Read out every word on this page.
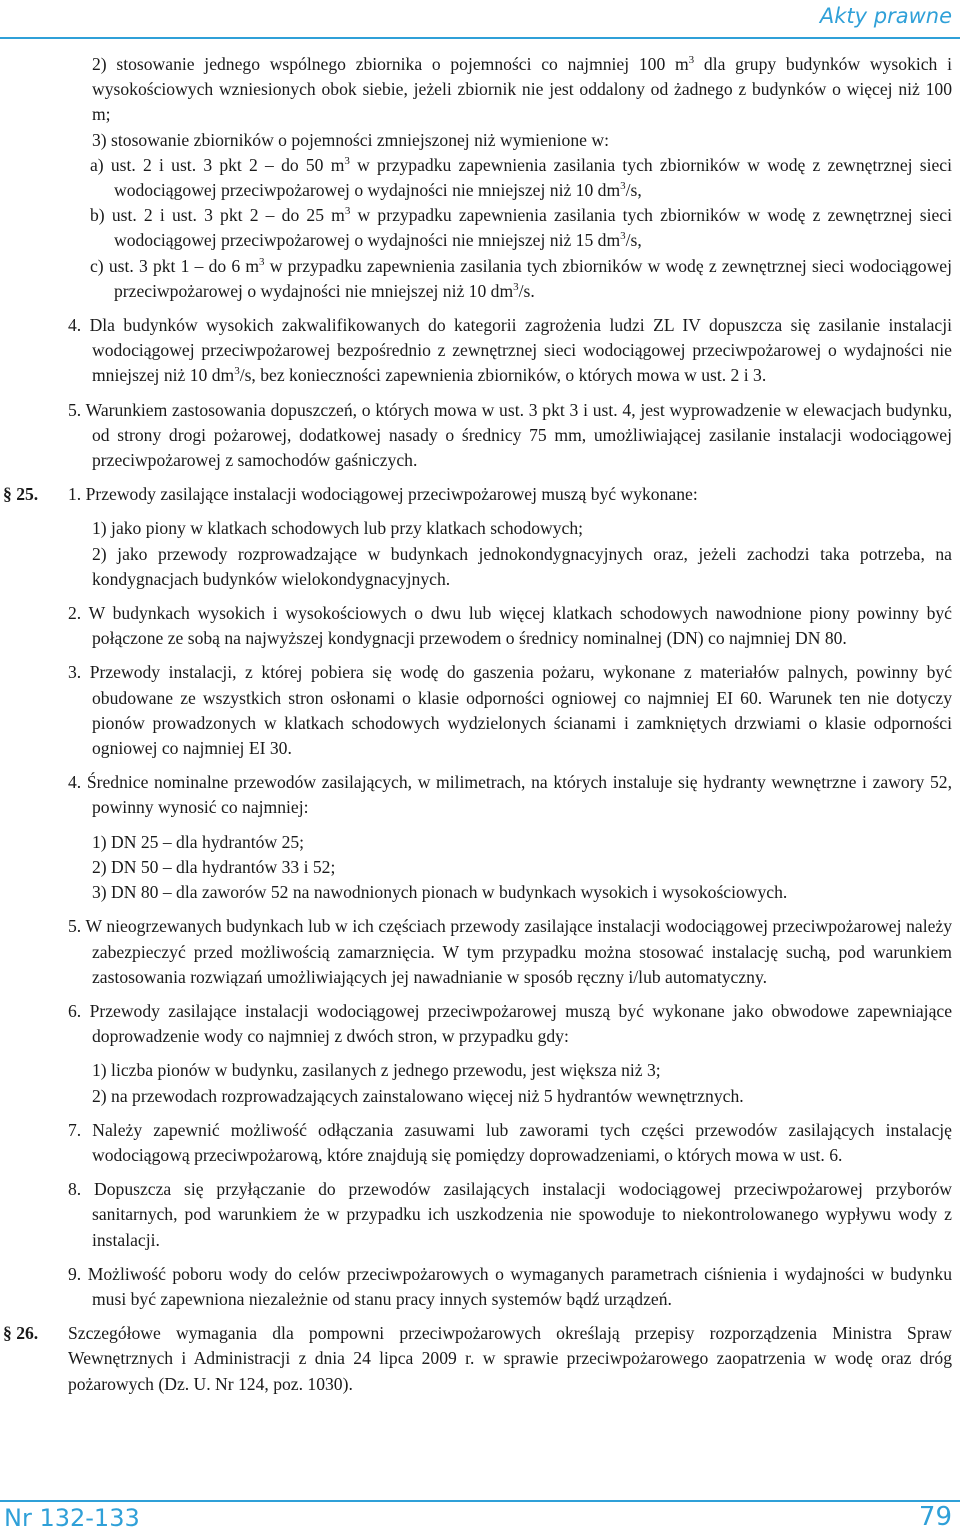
Akty prawne

2) stosowanie jednego wspólnego zbiornika o pojemności co najmniej 100 $m^3$ dla grupy budynków wysokich i wysokościowych wzniesionych obok siebie, jeżeli zbiornik nie jest oddalony od żadnego z budynków o więcej niż 100 m;

3) stosowanie zbiorników o pojemności zmniejszonej niż wymienione w:

a) ust. 2 i ust. 3 pkt 2 – do 50 $m^3$ w przypadku zapewnienia zasilania tych zbiorników w wodę z zewnętrznej sieci wodociągowej przeciwpożarowej o wydajności nie mniejszej niż 10 $dm^3/s$,

b) ust. 2 i ust. 3 pkt 2 – do 25 $m^3$ w przypadku zapewnienia zasilania tych zbiorników w wodę z zewnętrznej sieci wodociągowej przeciwpożarowej o wydajności nie mniejszej niż 15 $dm^3/s$,

c) ust. 3 pkt 1 – do 6 $m^3$ w przypadku zapewnienia zasilania tych zbiorników w wodę z zewnętrznej sieci wodociągowej przeciwpożarowej o wydajności nie mniejszej niż 10 $dm^3/s$.

4. Dla budynków wysokich zakwalifikowanych do kategorii zagrożenia ludzi ZL IV dopuszcza się zasilanie instalacji wodociągowej przeciwpożarowej bezpośrednio z zewnętrznej sieci wodociągowej przeciwpożarowej o wydajności nie mniejszej niż 10 $dm^3/s$, bez konieczności zapewnienia zbiorników, o których mowa w ust. 2 i 3.

5. Warunkiem zastosowania dopuszczeń, o których mowa w ust. 3 pkt 3 i ust. 4, jest wyprowadzenie w elewacjach budynku, od strony drogi pożarowej, dodatkowej nasady o średnicy 75 mm, umożliwiającej zasilanie instalacji wodociągowej przeciwpożarowej z samochodów gaśniczych.

§ 25. 1. Przewody zasilające instalacji wodociągowej przeciwpożarowej muszą być wykonane:

1) jako piony w klatkach schodowych lub przy klatkach schodowych;

2) jako przewody rozprowadzające w budynkach jednokondygnacyjnych oraz, jeżeli zachodzi taka potrzeba, na kondygnacjach budynków wielokondygnacyjnych.

2. W budynkach wysokich i wysokościowych o dwu lub więcej klatkach schodowych nawodnione piony powinny być połączone ze sobą na najwyższej kondygnacji przewodem o średnicy nominalnej (DN) co najmniej DN 80.

3. Przewody instalacji, z której pobiera się wodę do gaszenia pożaru, wykonane z materiałów palnych, powinny być obudowane ze wszystkich stron osłonami o klasie odporności ogniowej co najmniej EI 60. Warunek ten nie dotyczy pionów prowadzonych w klatkach schodowych wydzielonych ścianami i zamkniętych drzwiami o klasie odporności ogniowej co najmniej EI 30.

4. Średnice nominalne przewodów zasilających, w milimetrach, na których instaluje się hydranty wewnętrzne i zawory 52, powinny wynosić co najmniej:

1) DN 25 – dla hydrantów 25;

2) DN 50 – dla hydrantów 33 i 52;

3) DN 80 – dla zaworów 52 na nawodnionych pionach w budynkach wysokich i wysokościowych.

5. W nieogrzewanych budynkach lub w ich częściach przewody zasilające instalacji wodociągowej przeciwpożarowej należy zabezpieczyć przed możliwością zamarznięcia. W tym przypadku można stosować instalację suchą, pod warunkiem zastosowania rozwiązań umożliwiających jej nawadnianie w sposób ręczny i/lub automatyczny.

6. Przewody zasilające instalacji wodociągowej przeciwpożarowej muszą być wykonane jako obwodowe zapewniające doprowadzenie wody co najmniej z dwóch stron, w przypadku gdy:

1) liczba pionów w budynku, zasilanych z jednego przewodu, jest większa niż 3;

2) na przewodach rozprowadzających zainstalowano więcej niż 5 hydrantów wewnętrznych.

7. Należy zapewnić możliwość odłączania zasuwami lub zaworami tych części przewodów zasilających instalację wodociągową przeciwpożarową, które znajdują się pomiędzy doprowadzeniami, o których mowa w ust. 6.

8. Dopuszcza się przyłączanie do przewodów zasilających instalacji wodociągowej przeciwpożarowej przyborów sanitarnych, pod warunkiem że w przypadku ich uszkodzenia nie spowoduje to niekontrolowanego wypływu wody z instalacji.

9. Możliwość poboru wody do celów przeciwpożarowych o wymaganych parametrach ciśnienia i wydajności w budynku musi być zapewniona niezależnie od stanu pracy innych systemów bądź urządzeń.

§ 26. Szczegółowe wymagania dla pompowni przeciwpożarowych określają przepisy rozporządzenia Ministra Spraw Wewnętrznych i Administracji z dnia 24 lipca 2009 r. w sprawie przeciwpożarowego zaopatrzenia w wodę oraz dróg pożarowych (Dz. U. Nr 124, poz. 1030).

Nr 132-133	79
